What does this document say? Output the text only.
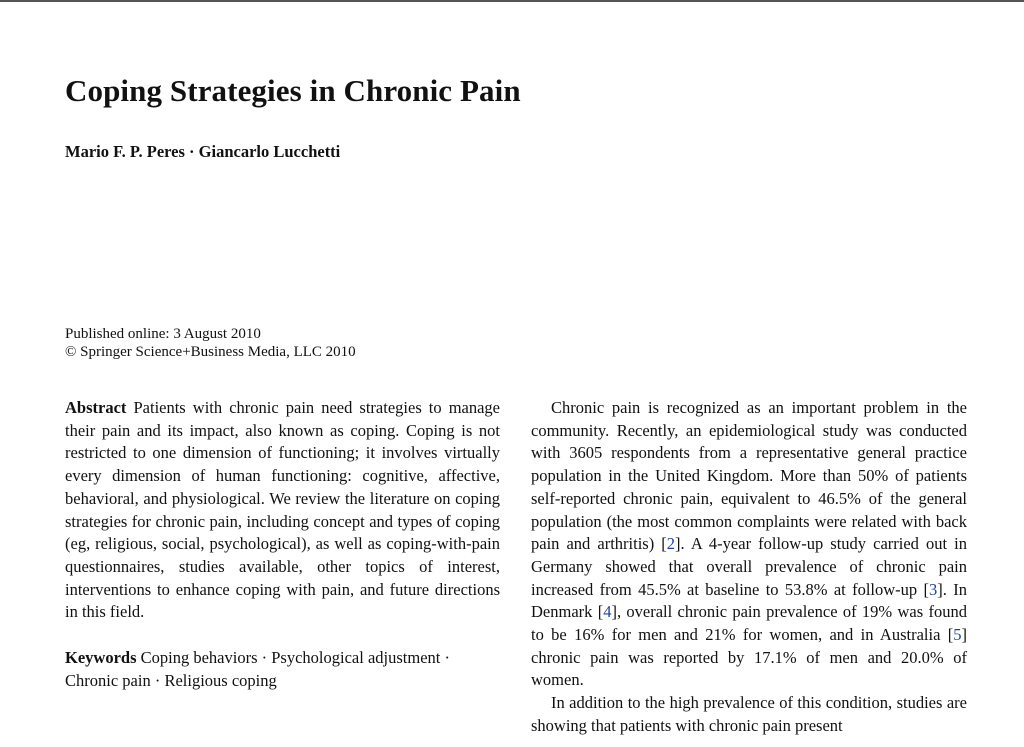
Coping Strategies in Chronic Pain
Mario F. P. Peres · Giancarlo Lucchetti
Published online: 3 August 2010
© Springer Science+Business Media, LLC 2010

Abstract Patients with chronic pain need strategies to manage their pain and its impact, also known as coping. Coping is not restricted to one dimension of functioning; it involves virtually every dimension of human functioning: cognitive, affective, behavioral, and physiological. We review the literature on coping strategies for chronic pain, including concept and types of coping (eg, religious, social, psychological), as well as coping-with-pain questionnaires, studies available, other topics of interest, interventions to enhance coping with pain, and future directions in this field.

Keywords Coping behaviors · Psychological adjustment · Chronic pain · Religious coping

Chronic pain is recognized as an important problem in the community. Recently, an epidemiological study was conducted with 3605 respondents from a representative general practice population in the United Kingdom. More than 50% of patients self-reported chronic pain, equivalent to 46.5% of the general population (the most common complaints were related with back pain and arthritis) [2]. A 4-year follow-up study carried out in Germany showed that overall prevalence of chronic pain increased from 45.5% at baseline to 53.8% at follow-up [3]. In Denmark [4], overall chronic pain prevalence of 19% was found to be 16% for men and 21% for women, and in Australia [5] chronic pain was reported by 17.1% of men and 20.0% of women.

In addition to the high prevalence of this condition, studies are showing that patients with chronic pain present
